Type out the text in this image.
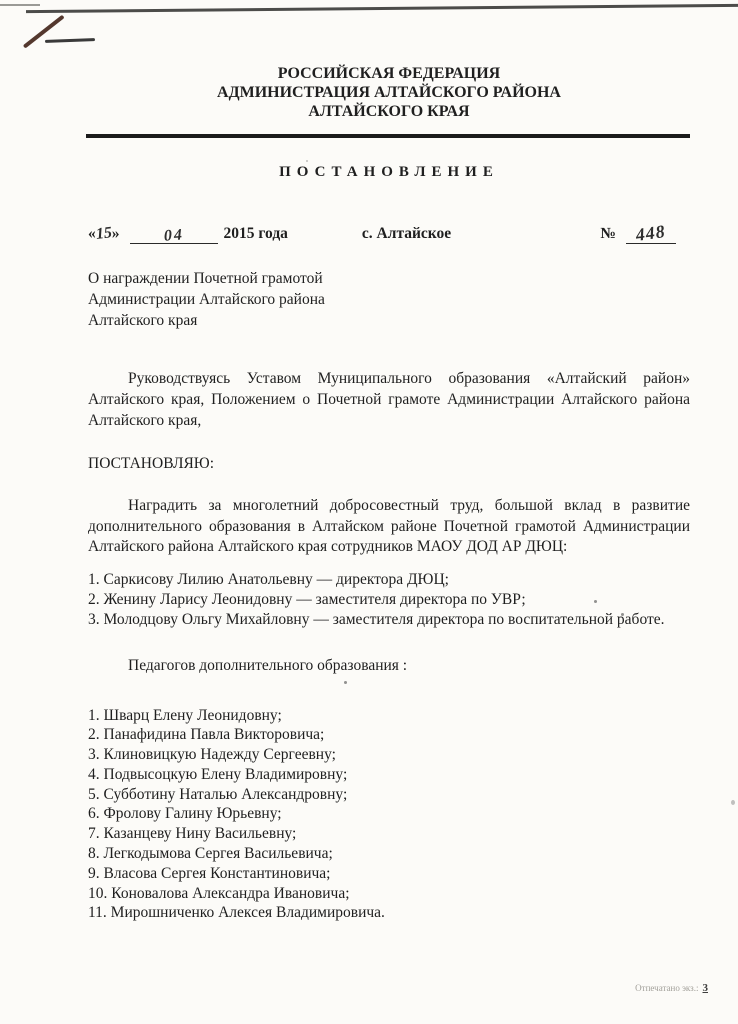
РОССИЙСКАЯ ФЕДЕРАЦИЯ
АДМИНИСТРАЦИЯ АЛТАЙСКОГО РАЙОНА
АЛТАЙСКОГО КРАЯ
ПОСТАНОВЛЕНИЕ
«15»	04	2015 года	с. Алтайское	№	448
О награждении Почетной грамотой
Администрации Алтайского района
Алтайского края

Руководствуясь Уставом Муниципального образования «Алтайский район» Алтайского края, Положением о Почетной грамоте Администрации Алтайского района Алтайского края,

ПОСТАНОВЛЯЮ:

Наградить за многолетний добросовестный труд, большой вклад в развитие дополнительного образования в Алтайском районе Почетной грамотой Администрации Алтайского района Алтайского края сотрудников МАОУ ДОД АР ДЮЦ:

1. Саркисову Лилию Анатольевну — директора ДЮЦ;
2. Женину Ларису Леонидовну — заместителя директора по УВР;
3. Молодцову Ольгу Михайловну — заместителя директора по воспитательной работе.
Педагогов дополнительного образования :
1. Шварц Елену Леонидовну;
2. Панафидина Павла Викторовича;
3. Клиновицкую Надежду Сергеевну;
4. Подвысоцкую Елену Владимировну;
5. Субботину Наталью Александровну;
6. Фролову Галину Юрьевну;
7. Казанцеву Нину Васильевну;
8. Легкодымова Сергея Васильевича;
9. Власова Сергея Константиновича;
10. Коновалова Александра Ивановича;
11. Мирошниченко Алексея Владимировича.
Отпечатано экз.: 3
